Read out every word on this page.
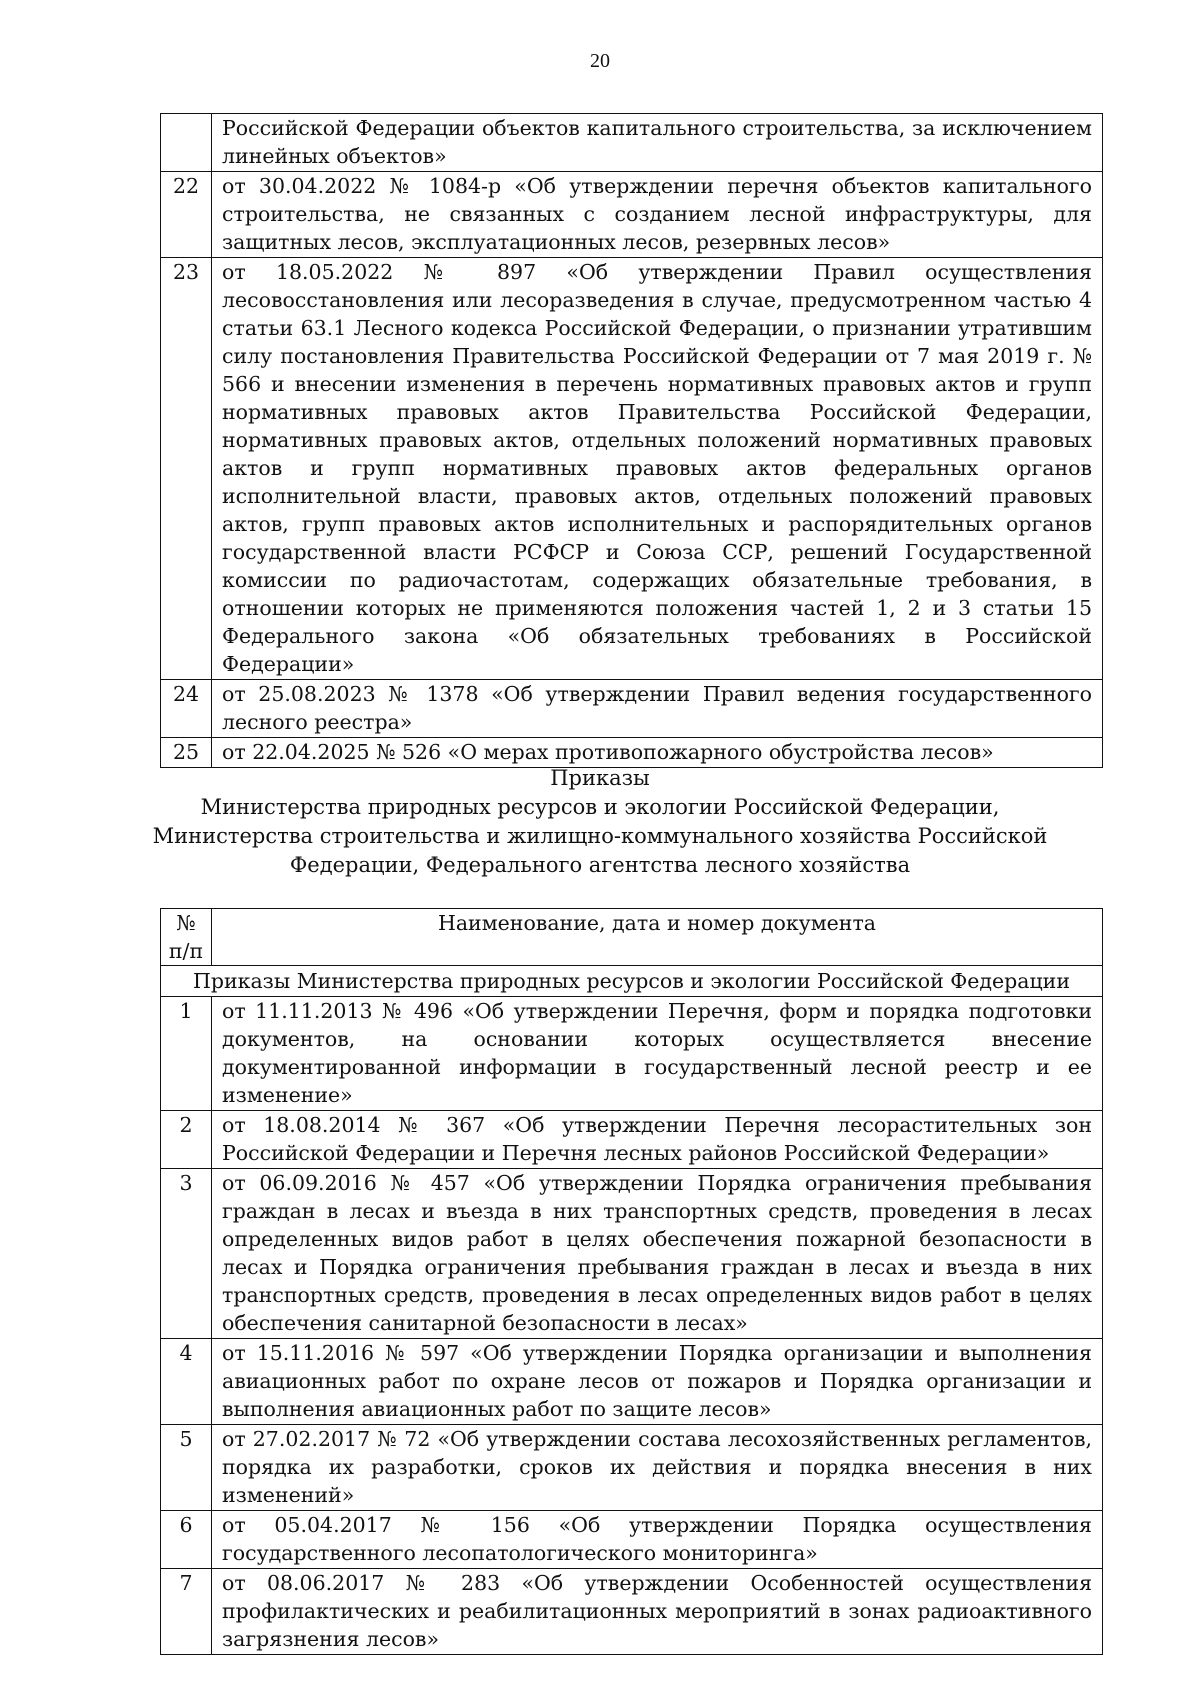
20
	Российской Федерации объектов капитального строительства, за исключением линейных объектов»
22	от 30.04.2022 № 1084-р «Об утверждении перечня объектов капитального строительства, не связанных с созданием лесной инфраструктуры, для защитных лесов, эксплуатационных лесов, резервных лесов»
23	от 18.05.2022 № 897 «Об утверждении Правил осуществления лесовосстановления или лесоразведения в случае, предусмотренном частью 4 статьи 63.1 Лесного кодекса Российской Федерации, о признании утратившим силу постановления Правительства Российской Федерации от 7 мая 2019 г. № 566 и внесении изменения в перечень нормативных правовых актов и групп нормативных правовых актов Правительства Российской Федерации, нормативных правовых актов, отдельных положений нормативных правовых актов и групп нормативных правовых актов федеральных органов исполнительной власти, правовых актов, отдельных положений правовых актов, групп правовых актов исполнительных и распорядительных органов государственной власти РСФСР и Союза ССР, решений Государственной комиссии по радиочастотам, содержащих обязательные требования, в отношении которых не применяются положения частей 1, 2 и 3 статьи 15 Федерального закона «Об обязательных требованиях в Российской Федерации»
24	от 25.08.2023 № 1378 «Об утверждении Правил ведения государственного лесного реестра»
25	от 22.04.2025 № 526 «О мерах противопожарного обустройства лесов»
Приказы
Министерства природных ресурсов и экологии Российской Федерации,
Министерства строительства и жилищно-коммунального хозяйства Российской
Федерации, Федерального агентства лесного хозяйства
№
п/п	Наименование, дата и номер документа
Приказы Министерства природных ресурсов и экологии Российской Федерации	
1	от 11.11.2013 № 496 «Об утверждении Перечня, форм и порядка подготовки документов, на основании которых осуществляется внесение документированной информации в государственный лесной реестр и ее изменение»
2	от 18.08.2014 № 367 «Об утверждении Перечня лесорастительных зон Российской Федерации и Перечня лесных районов Российской Федерации»
3	от 06.09.2016 № 457 «Об утверждении Порядка ограничения пребывания граждан в лесах и въезда в них транспортных средств, проведения в лесах определенных видов работ в целях обеспечения пожарной безопасности в лесах и Порядка ограничения пребывания граждан в лесах и въезда в них транспортных средств, проведения в лесах определенных видов работ в целях обеспечения санитарной безопасности в лесах»
4	от 15.11.2016 № 597 «Об утверждении Порядка организации и выполнения авиационных работ по охране лесов от пожаров и Порядка организации и выполнения авиационных работ по защите лесов»
5	от 27.02.2017 № 72 «Об утверждении состава лесохозяйственных регламентов, порядка их разработки, сроков их действия и порядка внесения в них изменений»
6	от 05.04.2017 № 156 «Об утверждении Порядка осуществления государственного лесопатологического мониторинга»
7	от 08.06.2017 № 283 «Об утверждении Особенностей осуществления профилактических и реабилитационных мероприятий в зонах радиоактивного загрязнения лесов»
